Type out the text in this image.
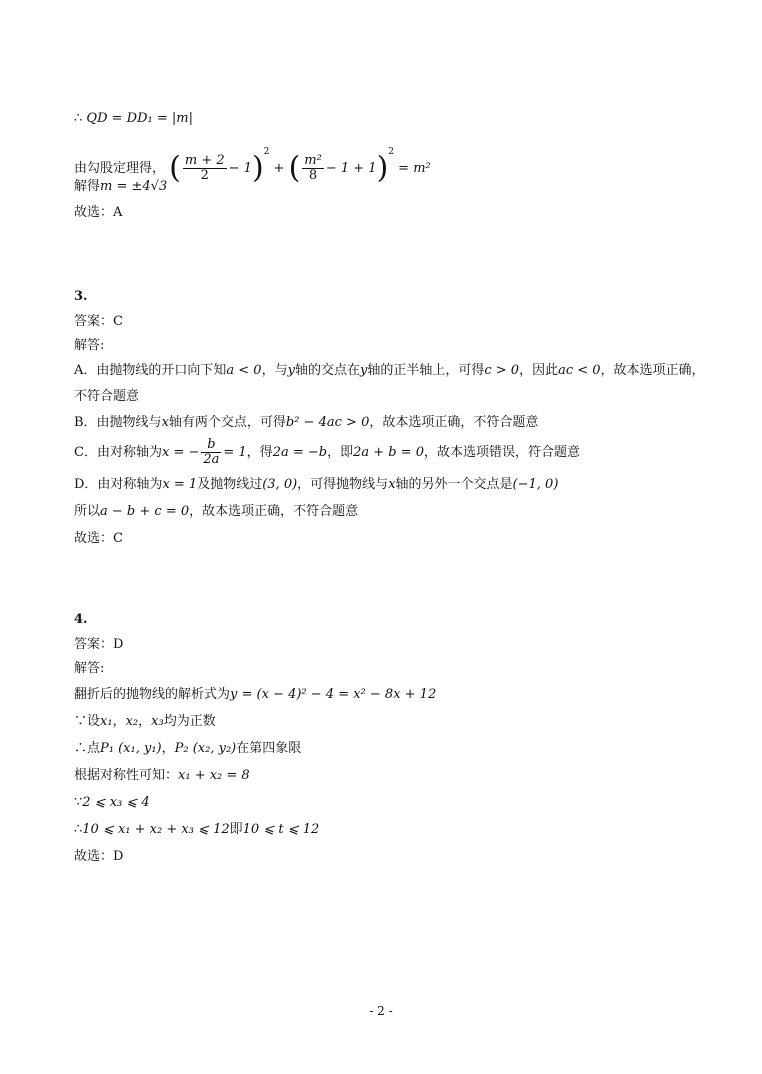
∴ QD = DD₁ = |m|
由勾股定理得， ( $\frac{m + 2}{2} - 1)^2$ + ( $\frac{\text{m²}}{8} - 1 + 1)^2 = m^2$
解得m = ±4√3
故选：A
3.
答案：C
解答:
A．由抛物线的开口向下知a < 0，与y轴的交点在y轴的正半轴上，可得c > 0，因此ac < 0，故本选项正确，
不符合题意
B．由抛物线与x轴有两个交点，可得b² − 4ac > 0，故本选项正确，不符合题意
C．由对称轴为x = − $\frac{b}{2a} = 1$，得2a = −b，即2a + b = 0，故本选项错误，符合题意
D．由对称轴为x = 1及抛物线过(3, 0)，可得抛物线与x轴的另外一个交点是(−1, 0)
所以a − b + c = 0，故本选项正确，不符合题意
故选：C
4.
答案：D
解答:
翻折后的抛物线的解析式为y = (x − 4)² − 4 = x² − 8x + 12
∵设x₁，x₂，x₃均为正数
∴点P₁ (x₁, y₁)，P₂ (x₂, y₂)在第四象限
根据对称性可知：x₁ + x₂ = 8
∵2 ⩽ x₃ ⩽ 4
∴10 ⩽ x₁ + x₂ + x₃ ⩽ 12即10 ⩽ t ⩽ 12
故选：D
- 2 -
